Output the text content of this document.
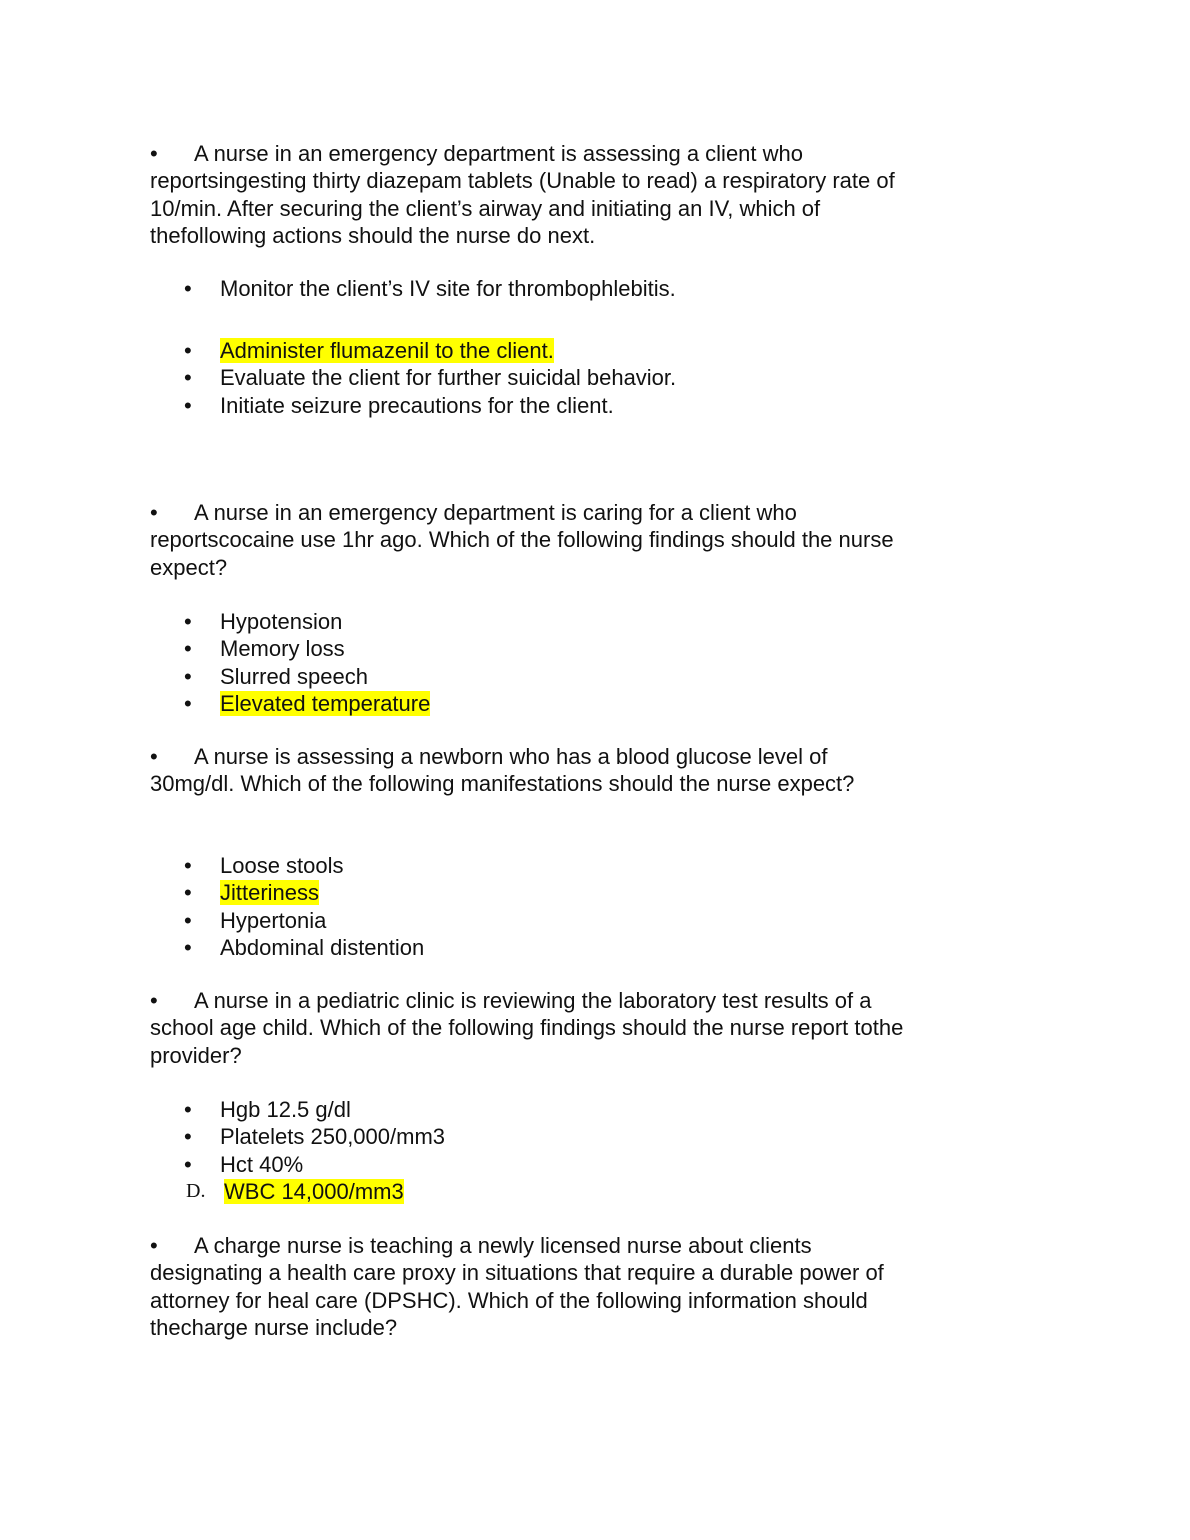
• A nurse in an emergency department is assessing a client who reportsingesting thirty diazepam tablets (Unable to read) a respiratory rate of 10/min. After securing the client’s airway and initiating an IV, which of thefollowing actions should the nurse do next.
•	Monitor the client’s IV site for thrombophlebitis.
•	Administer flumazenil to the client.
•	Evaluate the client for further suicidal behavior.
•	Initiate seizure precautions for the client.
• A nurse in an emergency department is caring for a client who reportscocaine use 1hr ago. Which of the following findings should the nurse expect?
•	Hypotension
•	Memory loss
•	Slurred speech
•	Elevated temperature
• A nurse is assessing a newborn who has a blood glucose level of 30mg/dl. Which of the following manifestations should the nurse expect?
•	Loose stools
•	Jitteriness
•	Hypertonia
•	Abdominal distention
• A nurse in a pediatric clinic is reviewing the laboratory test results of a school age child. Which of the following findings should the nurse report tothe provider?
•	Hgb 12.5 g/dl
•	Platelets 250,000/mm3
•	Hct 40%
D. WBC 14,000/mm3
• A charge nurse is teaching a newly licensed nurse about clients designating a health care proxy in situations that require a durable power of attorney for heal care (DPSHC). Which of the following information should thecharge nurse include?
